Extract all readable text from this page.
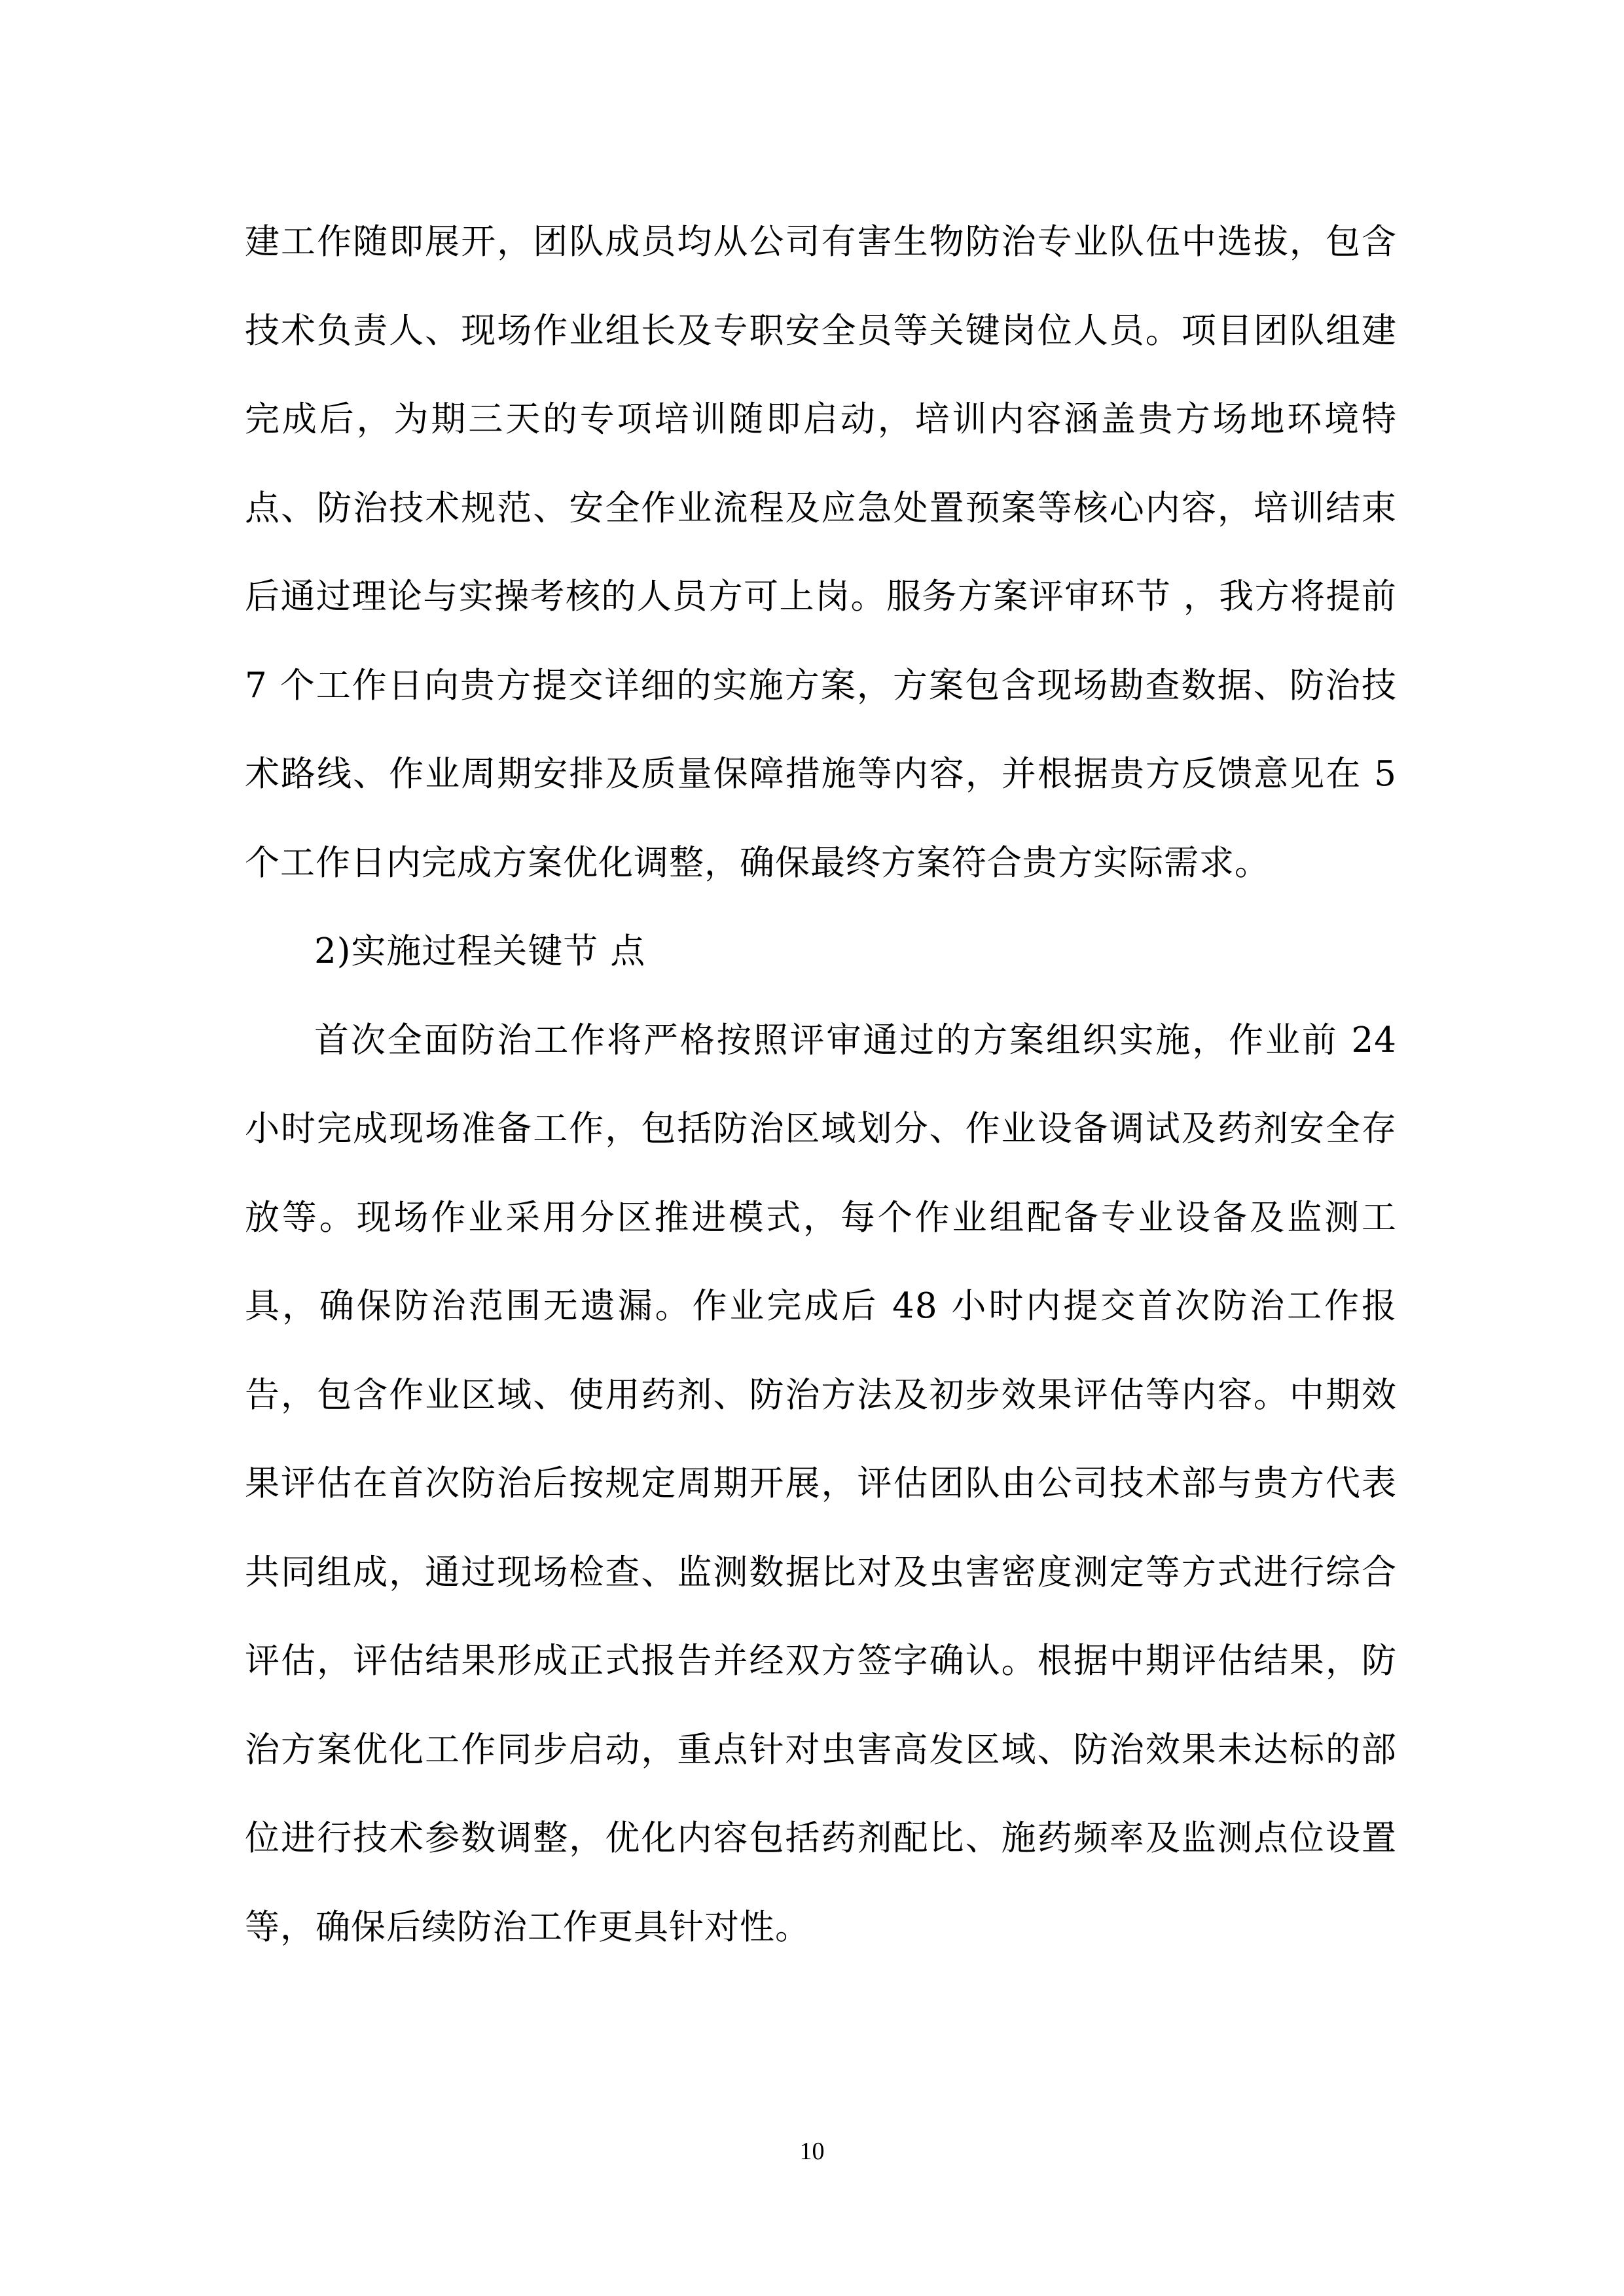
建工作随即展开，团队成员均从公司有害生物防治专业队伍中选拔，包含技术负责人、现场作业组长及专职安全员等关键岗位人员。项目团队组建完成后，为期三天的专项培训随即启动，培训内容涵盖贵方场地环境特点、防治技术规范、安全作业流程及应急处置预案等核心内容，培训结束后通过理论与实操考核的人员方可上岗。服务方案评审环节 ，我方将提前 7 个工作日向贵方提交详细的实施方案，方案包含现场勘查数据、防治技术路线、作业周期安排及质量保障措施等内容，并根据贵方反馈意见在 5 个工作日内完成方案优化调整，确保最终方案符合贵方实际需求。

2)实施过程关键节 点

首次全面防治工作将严格按照评审通过的方案组织实施，作业前 24 小时完成现场准备工作，包括防治区域划分、作业设备调试及药剂安全存放等。现场作业采用分区推进模式，每个作业组配备专业设备及监测工具，确保防治范围无遗漏。作业完成后 48 小时内提交首次防治工作报告，包含作业区域、使用药剂、防治方法及初步效果评估等内容。中期效果评估在首次防治后按规定周期开展，评估团队由公司技术部与贵方代表共同组成，通过现场检查、监测数据比对及虫害密度测定等方式进行综合评估，评估结果形成正式报告并经双方签字确认。根据中期评估结果，防治方案优化工作同步启动，重点针对虫害高发区域、防治效果未达标的部位进行技术参数调整，优化内容包括药剂配比、施药频率及监测点位设置等，确保后续防治工作更具针对性。

10
